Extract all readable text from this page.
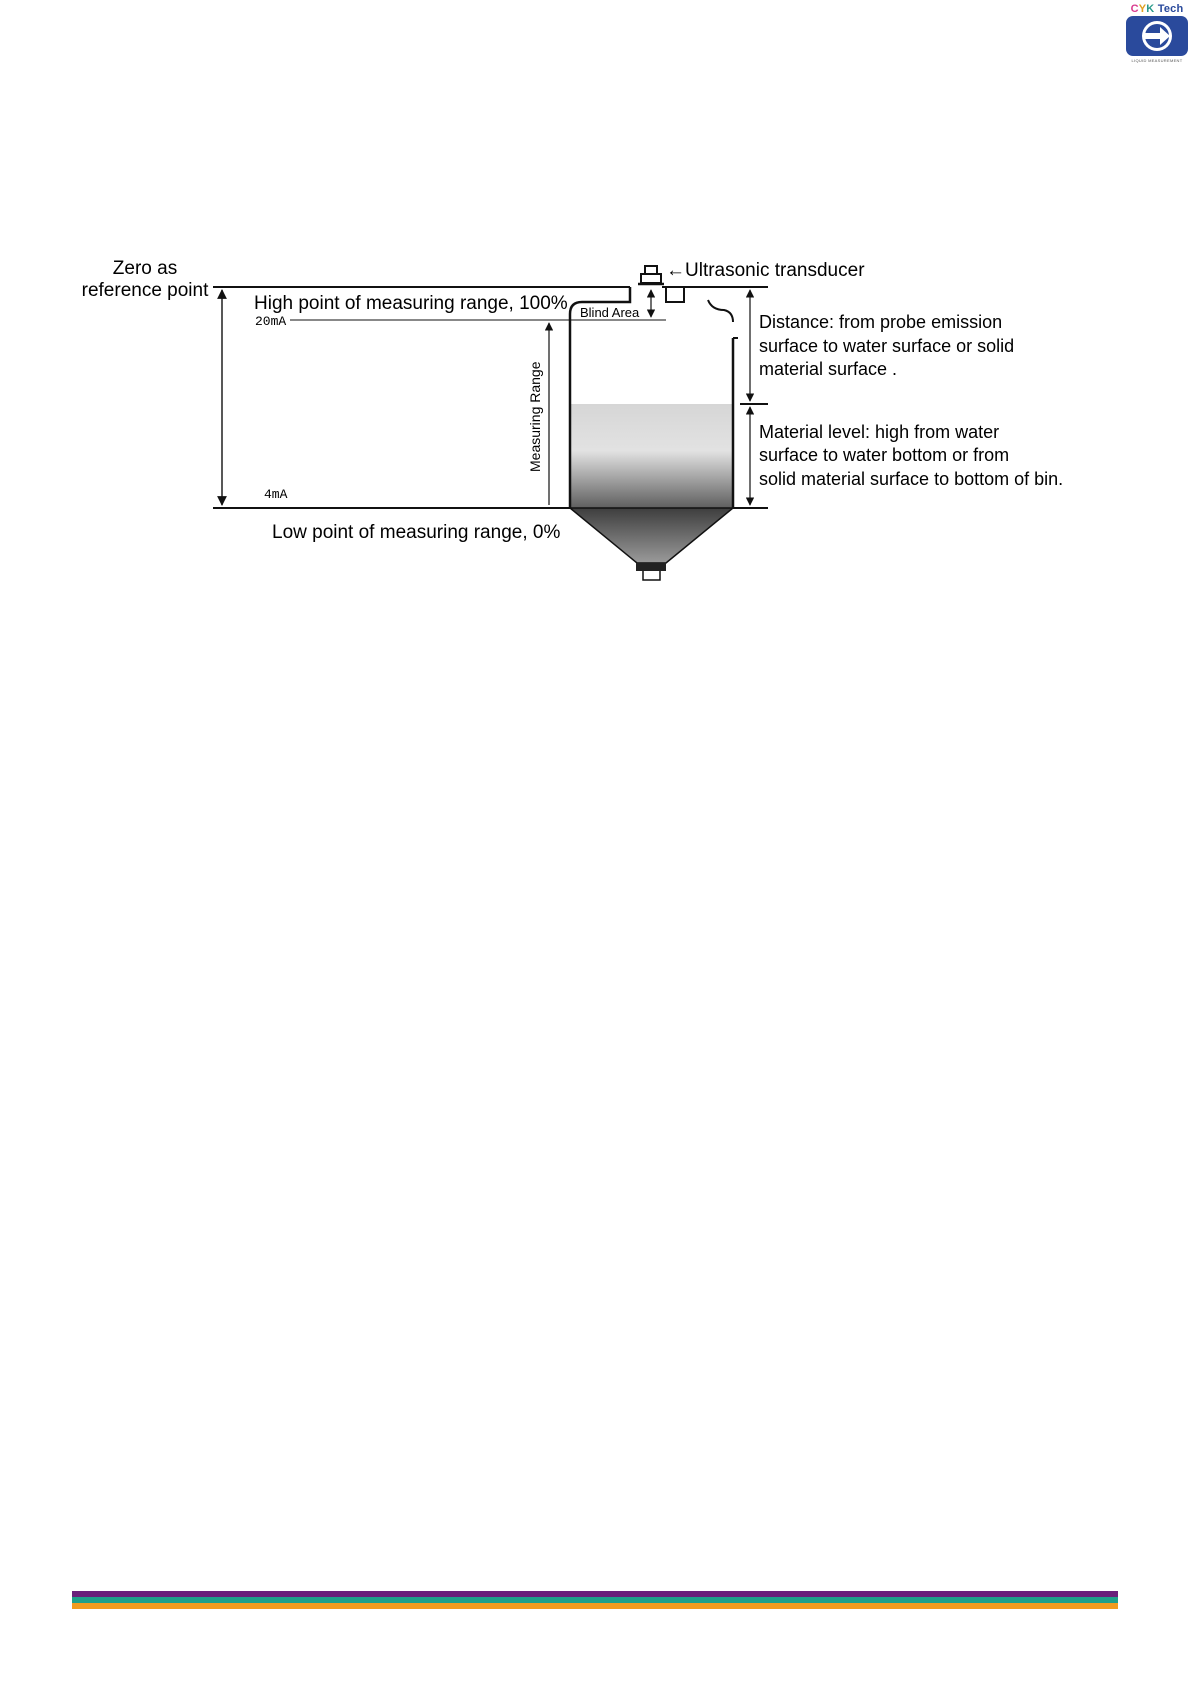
CYK Tech
LIQUID MEASUREMENT
Zero as
reference point
High point of measuring range, 100%
20mA
4mA
Blind Area
Measuring Range
Low point of measuring range, 0%
←Ultrasonic transducer
Distance: from probe emission
surface to water surface or solid
material surface .
Material level: high from water
surface to water bottom or from
solid material surface to bottom of bin.
